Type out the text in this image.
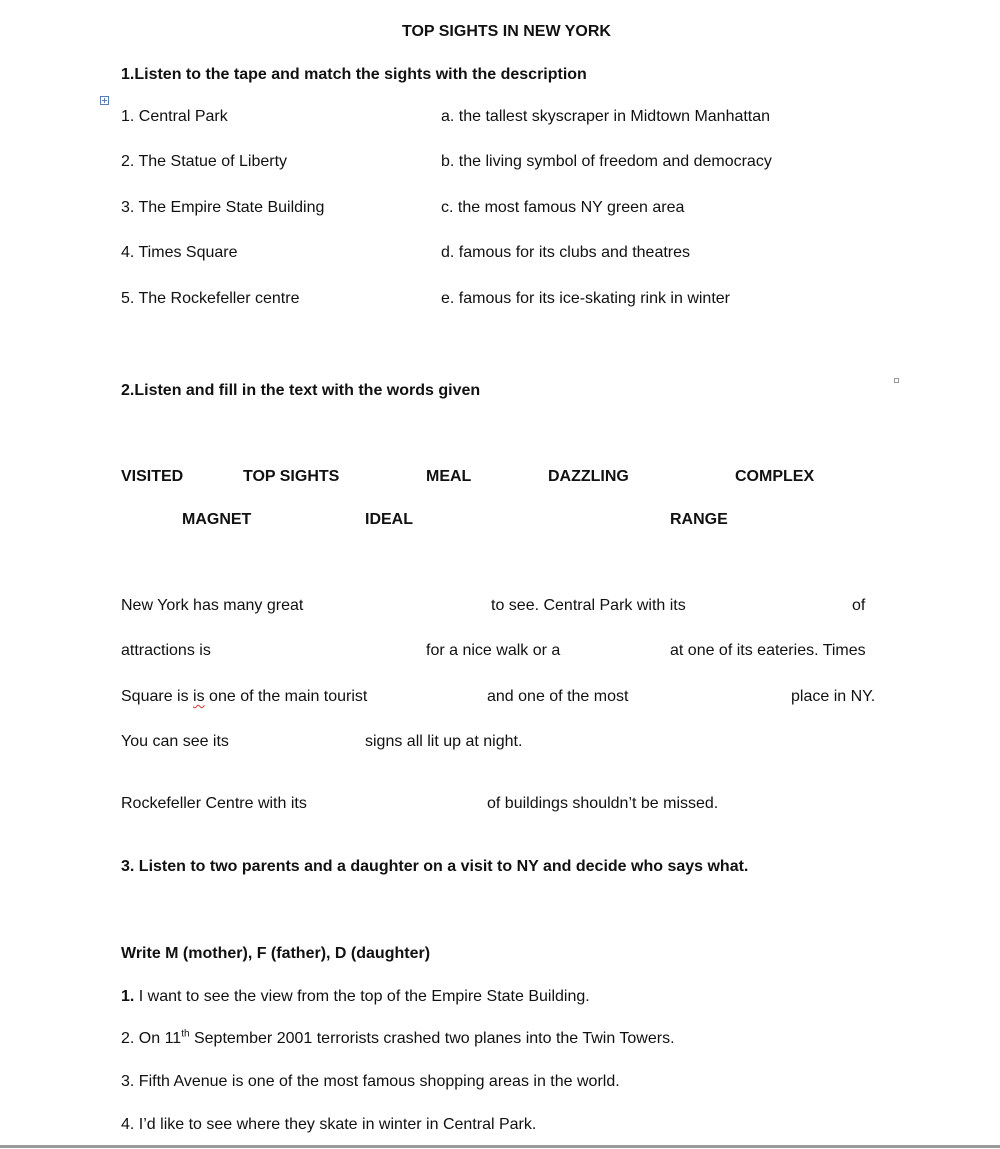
TOP SIGHTS IN NEW YORK
1.Listen to the tape and match the sights with the description
1. Central Park	a. the tallest skyscraper in Midtown Manhattan
2. The Statue of Liberty	b. the living symbol of freedom and democracy
3. The Empire State Building	c. the most famous NY green area
4. Times Square	d. famous for its clubs and theatres
5. The Rockefeller centre	e. famous for its ice-skating rink in winter
2.Listen and fill in the text with the words given
VISITED	TOP SIGHTS	MEAL	DAZZLING	COMPLEX
MAGNET	IDEAL	RANGE
New York has many great	to see. Central Park with its	of
attractions is	for a nice walk or a	at one of its eateries. Times
Square is is one of the main tourist	and one of the most	place in NY.
You can see its	signs all lit up at night.
Rockefeller Centre with its	of buildings shouldn’t be missed.
3. Listen to two parents and a daughter on a visit to NY and decide who says what.
Write M (mother), F (father), D (daughter)
1. I want to see the view from the top of the Empire State Building.
2. On 11th September 2001 terrorists crashed two planes into the Twin Towers.
3. Fifth Avenue is one of the most famous shopping areas in the world.
4. I’d like to see where they skate in winter in Central Park.
